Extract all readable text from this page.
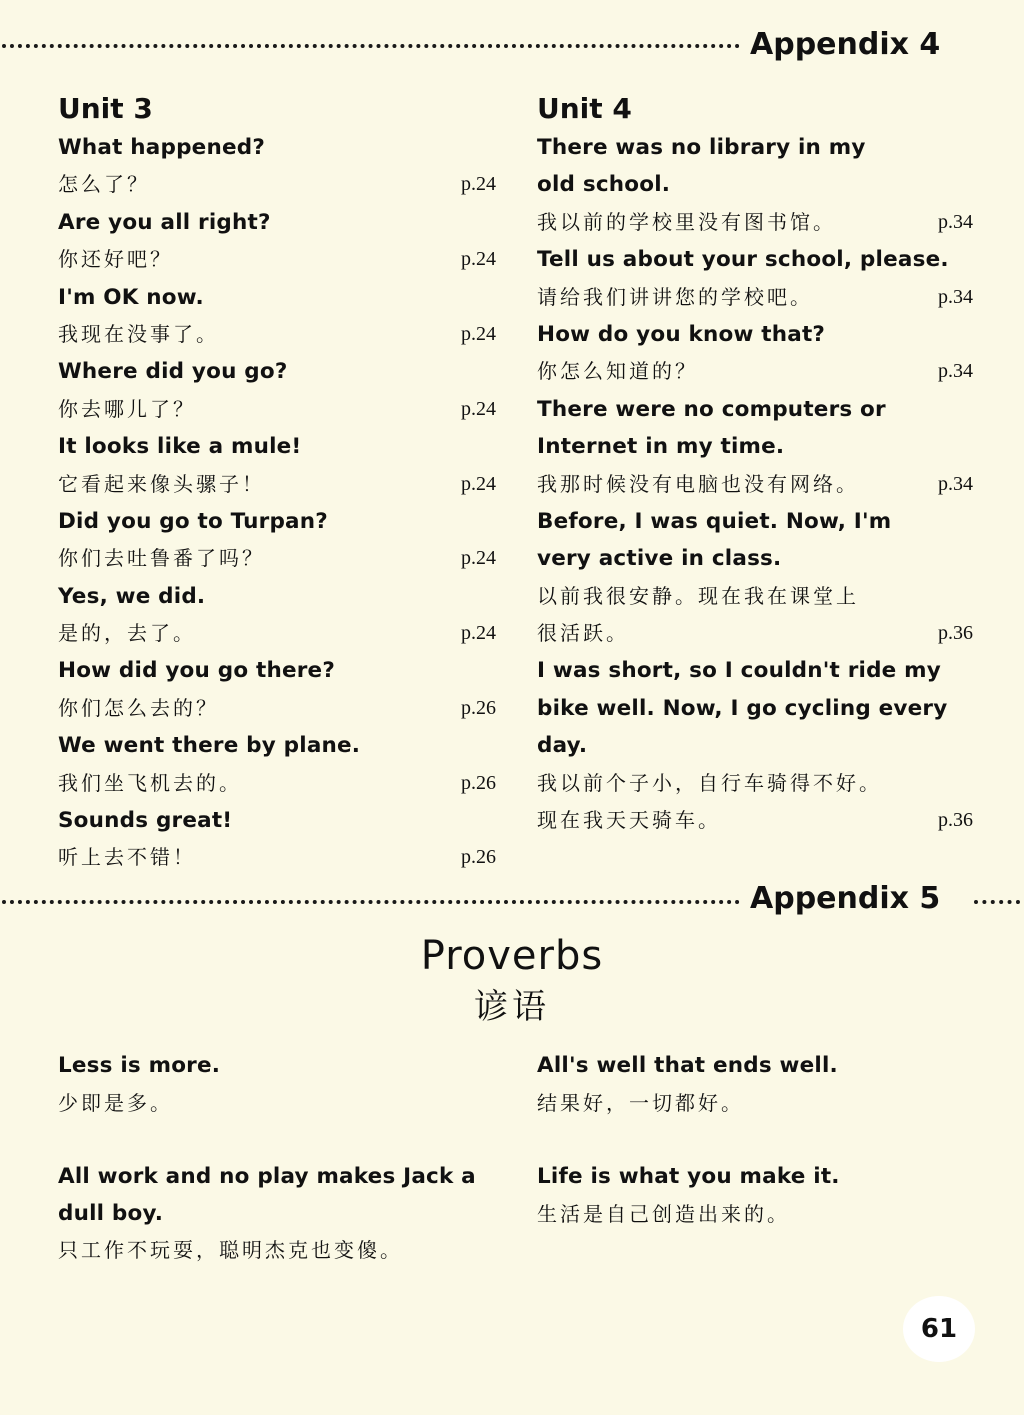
Appendix 4
Unit 3
What happened?
怎么了？	p.24
Are you all right?
你还好吧？	p.24
I'm OK now.
我现在没事了。	p.24
Where did you go?
你去哪儿了？	p.24
It looks like a mule!
它看起来像头骡子！	p.24
Did you go to Turpan?
你们去吐鲁番了吗？	p.24
Yes, we did.
是的，去了。	p.24
How did you go there?
你们怎么去的？	p.26
We went there by plane.
我们坐飞机去的。	p.26
Sounds great!
听上去不错！	p.26
Unit 4
There was no library in my
old school.
我以前的学校里没有图书馆。	p.34
Tell us about your school, please.
请给我们讲讲您的学校吧。	p.34
How do you know that?
你怎么知道的？	p.34
There were no computers or
Internet in my time.
我那时候没有电脑也没有网络。	p.34
Before, I was quiet. Now, I'm
very active in class.
以前我很安静。现在我在课堂上
很活跃。	p.36
I was short, so I couldn't ride my
bike well. Now, I go cycling every
day.
我以前个子小，自行车骑得不好。
现在我天天骑车。	p.36
Appendix 5
Proverbs
谚语
Less is more.
少即是多。
All's well that ends well.
结果好，一切都好。
All work and no play makes Jack a
dull boy.
只工作不玩耍，聪明杰克也变傻。
Life is what you make it.
生活是自己创造出来的。
61
